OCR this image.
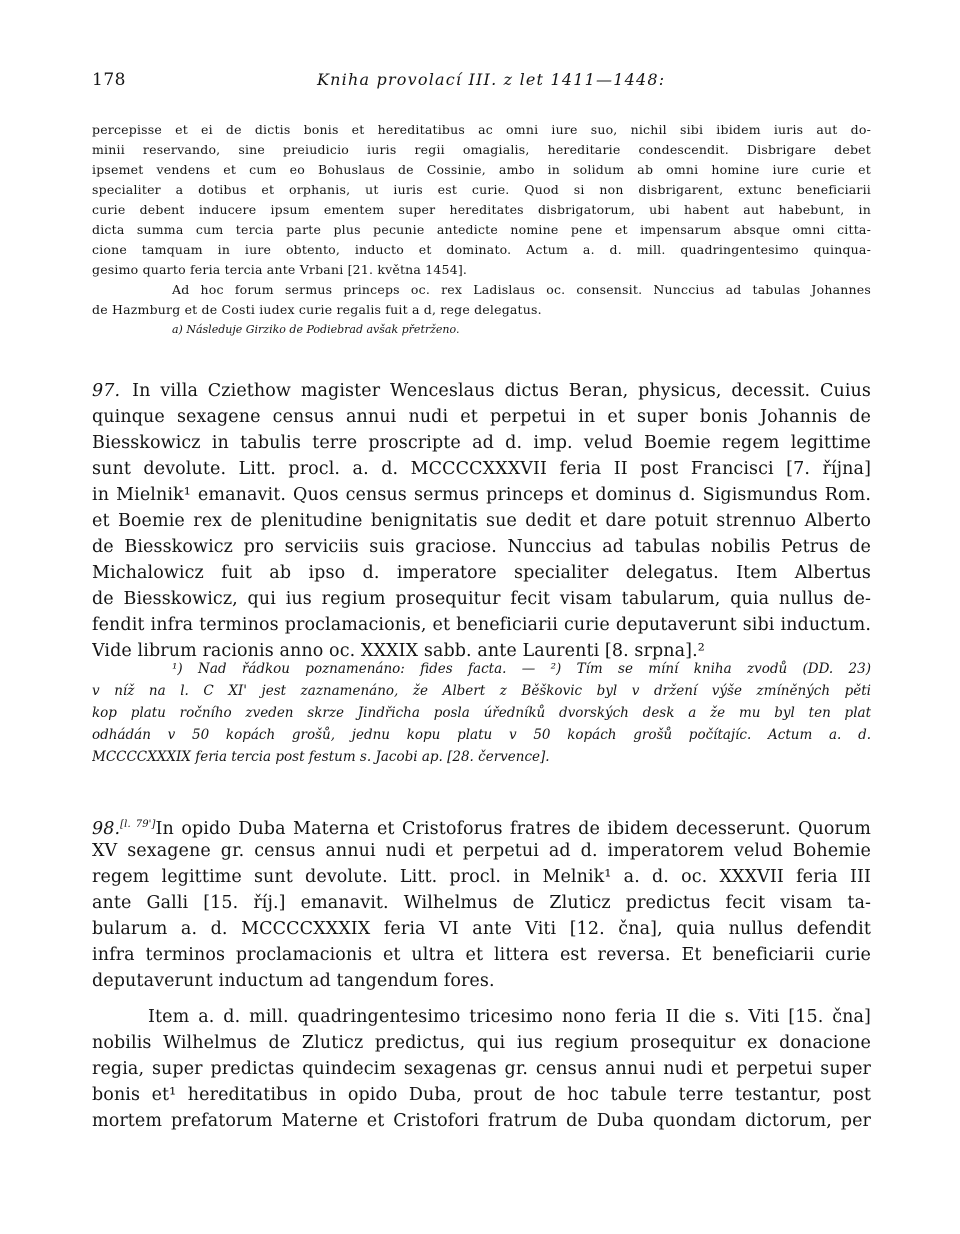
178	Kniha provolací III. z let 1411—1448:
percepisse et ei de dictis bonis et hereditatibus ac omni iure suo, nichil sibi ibidem iuris aut do-
minii reservando, sine preiudicio iuris regii omagialis, hereditarie condescendit. Disbrigare debet
ipsemet vendens et cum eo Bohuslaus de Cossinie, ambo in solidum ab omni homine iure curie et
specialiter a dotibus et orphanis, ut iuris est curie. Quod si non disbrigarent, extunc beneficiarii
curie debent inducere ipsum ementem super hereditates disbrigatorum, ubi habent aut habebunt, in
dicta summa cum tercia parte plus pecunie antedicte nomine pene et impensarum absque omni citta-
cione tamquam in iure obtento, inducto et dominato. Actum a. d. mill. quadringentesimo quinqua-
gesimo quarto feria tercia ante Vrbani [21. května 1454].
Ad hoc forum sermus princeps oc. rex Ladislaus oc. consensit. Nunccius ad tabulas Johannes
de Hazmburg et de Costi iudex curie regalis fuit a d, rege delegatus.
a) Následuje Girziko de Podiebrad avšak přetrženo.
97. In villa Cziethow magister Wenceslaus dictus Beran, physicus, decessit. Cuius
quinque sexagene census annui nudi et perpetui in et super bonis Johannis de
Biesskowicz in tabulis terre proscripte ad d. imp. velud Boemie regem legittime
sunt devolute. Litt. procl. a. d. MCCCCXXXVII feria II post Francisci [7. října]
in Mielnik¹ emanavit. Quos census sermus princeps et dominus d. Sigismundus Rom.
et Boemie rex de plenitudine benignitatis sue dedit et dare potuit strennuo Alberto
de Biesskowicz pro serviciis suis graciose. Nunccius ad tabulas nobilis Petrus de
Michalowicz fuit ab ipso d. imperatore specialiter delegatus. Item Albertus
de Biesskowicz, qui ius regium prosequitur fecit visam tabularum, quia nullus de-
fendit infra terminos proclamacionis, et beneficiarii curie deputaverunt sibi inductum.
Vide librum racionis anno oc. XXXIX sabb. ante Laurenti [8. srpna].²
¹) Nad řádkou poznamenáno: fides facta. — ²) Tím se míní kniha zvodů (DD. 23)
v níž na l. C XI' jest zaznamenáno, že Albert z Běškovic byl v držení výše zmíněných pěti
kop platu ročního zveden skrze Jindřicha posla úředníků dvorských desk a že mu byl ten plat
odhádán v 50 kopách grošů, jednu kopu platu v 50 kopách grošů počítajíc. Actum a. d.
MCCCCXXXIX feria tercia post festum s. Jacobi ap. [28. července].
98.[l. 79']In opido Duba Materna et Cristoforus fratres de ibidem decesserunt. Quorum
XV sexagene gr. census annui nudi et perpetui ad d. imperatorem velud Bohemie
regem legittime sunt devolute. Litt. procl. in Melnik¹ a. d. oc. XXXVII feria III
ante Galli [15. říj.] emanavit. Wilhelmus de Zluticz predictus fecit visam ta-
bularum a. d. MCCCCXXXIX feria VI ante Viti [12. čna], quia nullus defendit
infra terminos proclamacionis et ultra et littera est reversa. Et beneficiarii curie
deputaverunt inductum ad tangendum fores.
Item a. d. mill. quadringentesimo tricesimo nono feria II die s. Viti [15. čna]
nobilis Wilhelmus de Zluticz predictus, qui ius regium prosequitur ex donacione
regia, super predictas quindecim sexagenas gr. census annui nudi et perpetui super
bonis et¹ hereditatibus in opido Duba, prout de hoc tabule terre testantur, post
mortem prefatorum Materne et Cristofori fratrum de Duba quondam dictorum, per
